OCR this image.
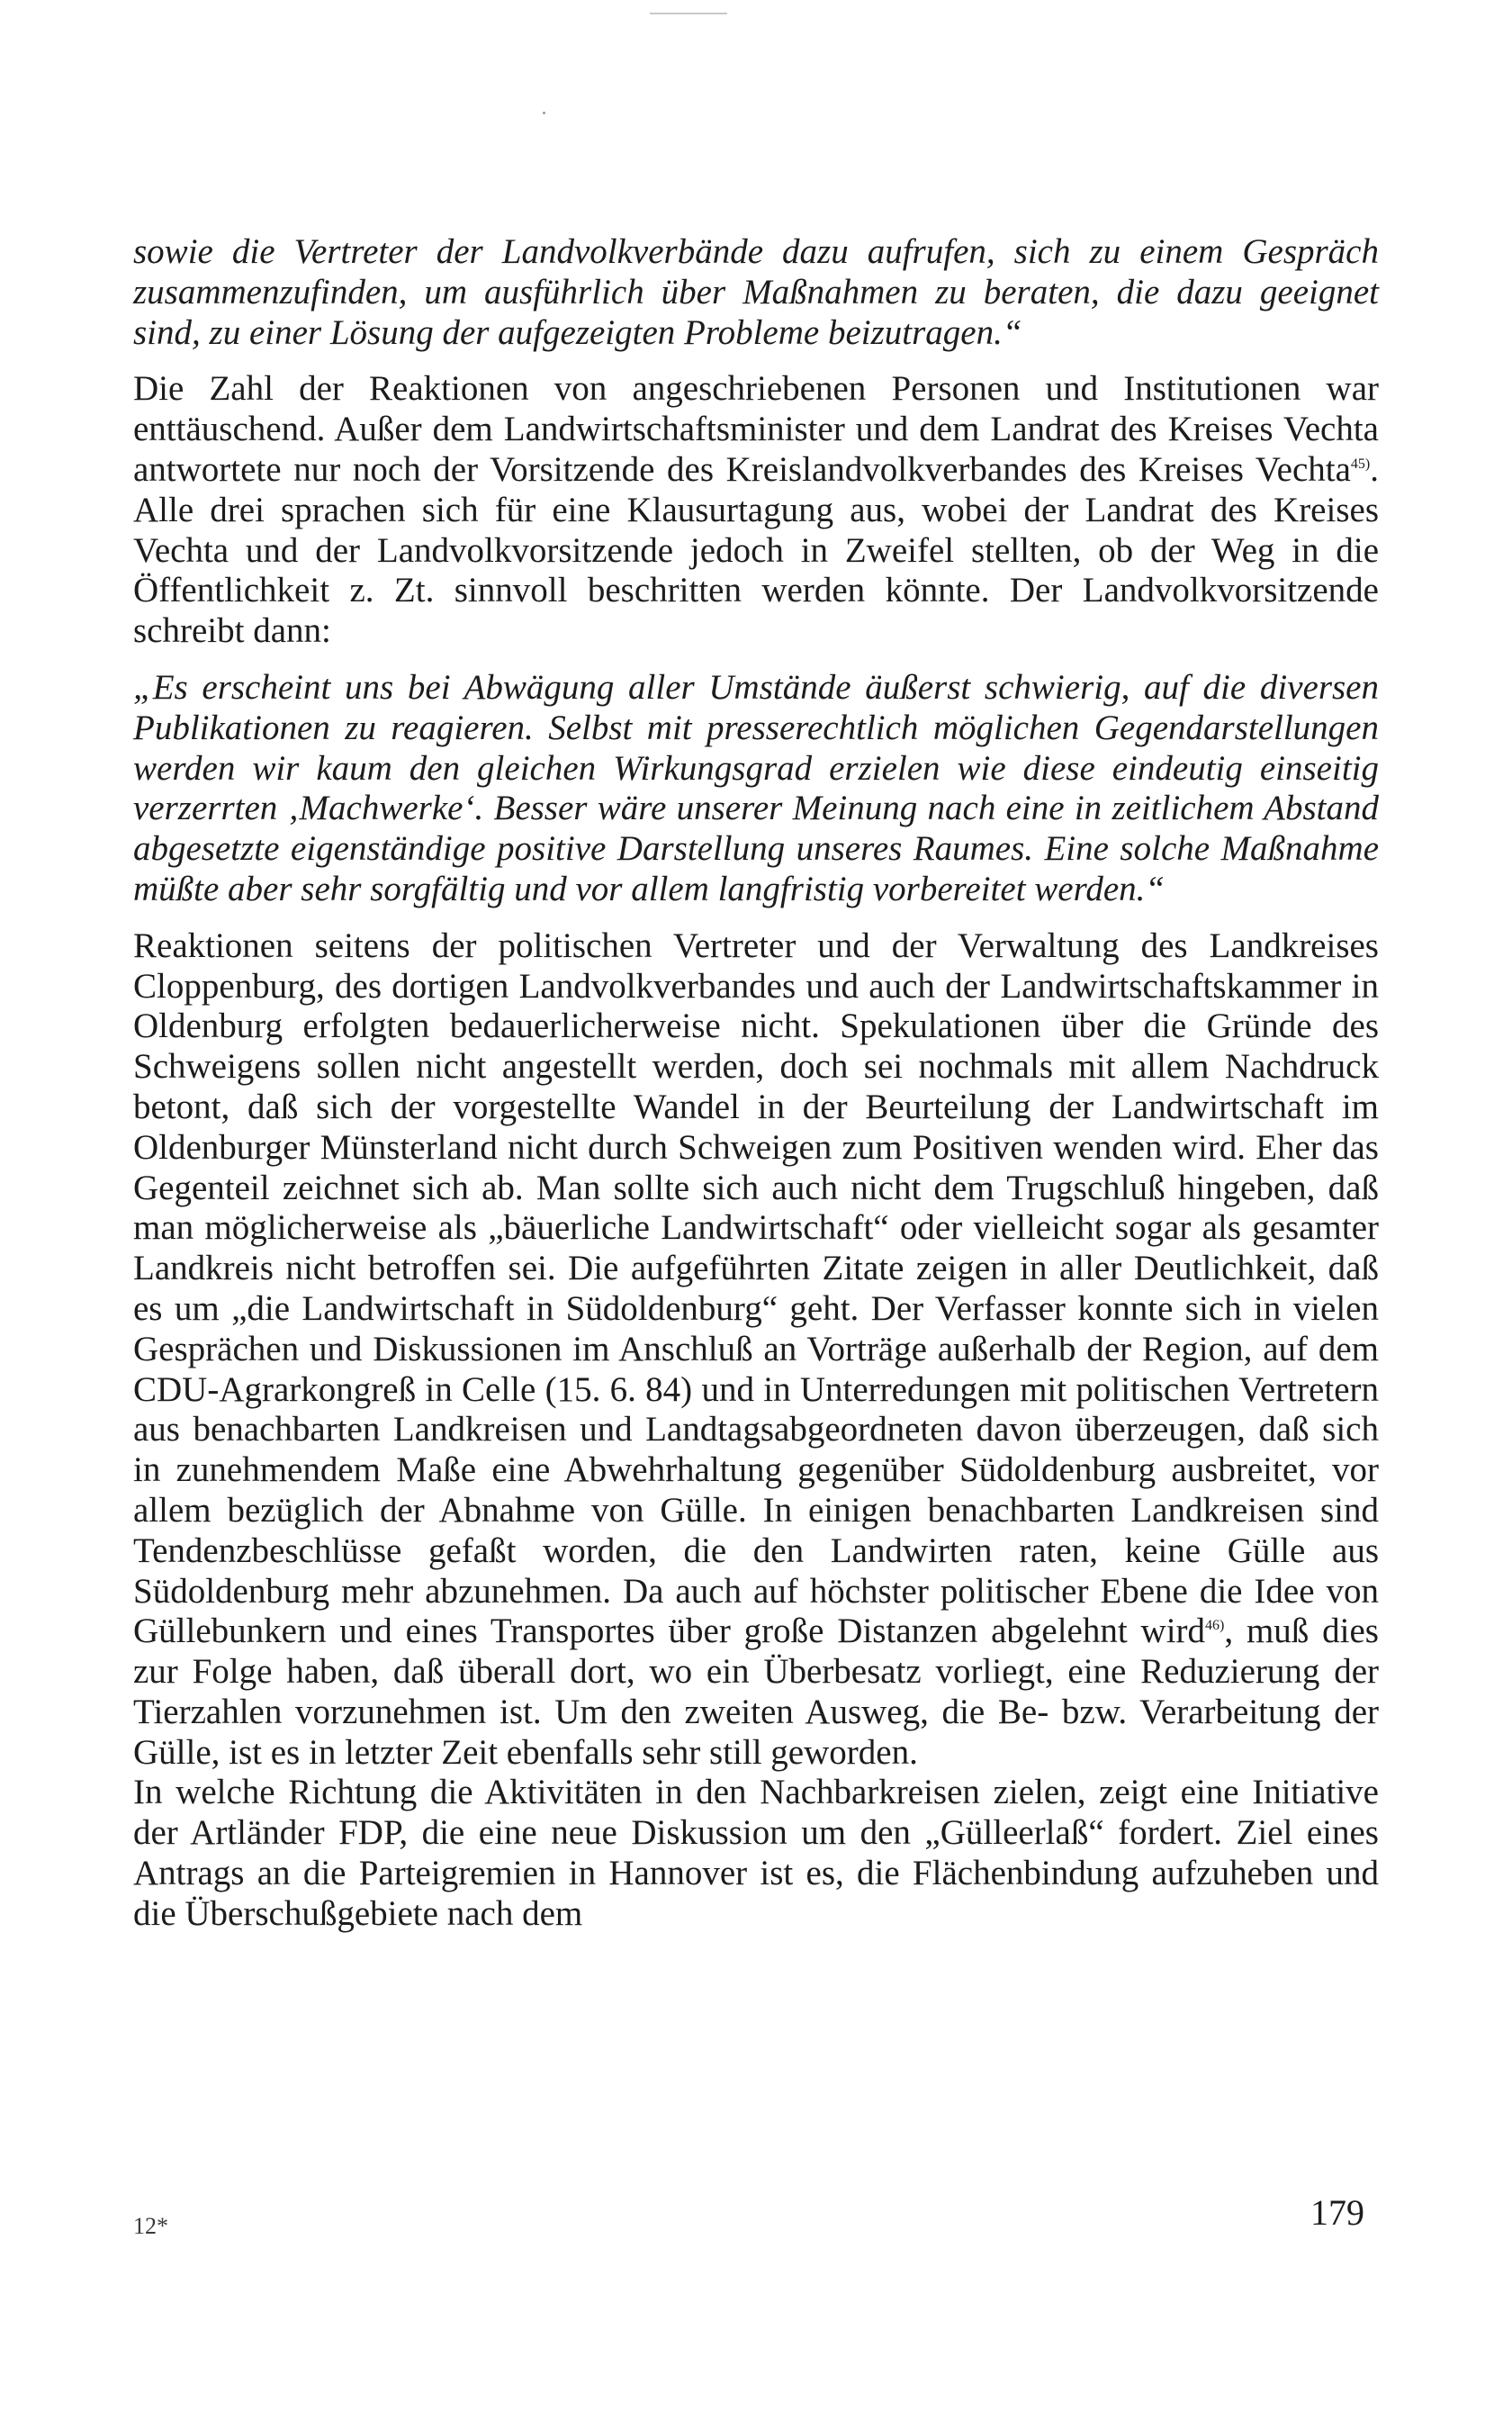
sowie die Vertreter der Landvolkverbände dazu aufrufen, sich zu einem Gespräch zusammenzufinden, um ausführlich über Maßnahmen zu beraten, die dazu geeignet sind, zu einer Lösung der aufgezeigten Probleme beizutragen.“

Die Zahl der Reaktionen von angeschriebenen Personen und Institutionen war enttäuschend. Außer dem Landwirtschaftsminister und dem Landrat des Kreises Vechta antwortete nur noch der Vorsitzende des Kreislandvolkverbandes des Kreises Vechta$^{45)}$. Alle drei sprachen sich für eine Klausurtagung aus, wobei der Landrat des Kreises Vechta und der Landvolkvorsitzende jedoch in Zweifel stellten, ob der Weg in die Öffentlichkeit z. Zt. sinnvoll beschritten werden könnte. Der Landvolkvorsitzende schreibt dann:

„Es erscheint uns bei Abwägung aller Umstände äußerst schwierig, auf die diversen Publikationen zu reagieren. Selbst mit presserechtlich möglichen Gegendarstellungen werden wir kaum den gleichen Wirkungsgrad erzielen wie diese eindeutig einseitig verzerrten ‚Machwerke‘. Besser wäre unserer Meinung nach eine in zeitlichem Abstand abgesetzte eigenständige positive Darstellung unseres Raumes. Eine solche Maßnahme müßte aber sehr sorgfältig und vor allem langfristig vorbereitet werden.“

Reaktionen seitens der politischen Vertreter und der Verwaltung des Landkreises Cloppenburg, des dortigen Landvolkverbandes und auch der Landwirtschaftskammer in Oldenburg erfolgten bedauerlicherweise nicht. Spekulationen über die Gründe des Schweigens sollen nicht angestellt werden, doch sei nochmals mit allem Nachdruck betont, daß sich der vorgestellte Wandel in der Beurteilung der Landwirtschaft im Oldenburger Münsterland nicht durch Schweigen zum Positiven wenden wird. Eher das Gegenteil zeichnet sich ab. Man sollte sich auch nicht dem Trugschluß hingeben, daß man möglicherweise als „bäuerliche Landwirtschaft“ oder vielleicht sogar als gesamter Landkreis nicht betroffen sei. Die aufgeführten Zitate zeigen in aller Deutlichkeit, daß es um „die Landwirtschaft in Südoldenburg“ geht. Der Verfasser konnte sich in vielen Gesprächen und Diskussionen im Anschluß an Vorträge außerhalb der Region, auf dem CDU-Agrarkongreß in Celle (15. 6. 84) und in Unterredungen mit politischen Vertretern aus benachbarten Landkreisen und Landtagsabgeordneten davon überzeugen, daß sich in zunehmendem Maße eine Abwehrhaltung gegenüber Südoldenburg ausbreitet, vor allem bezüglich der Abnahme von Gülle. In einigen benachbarten Landkreisen sind Tendenzbeschlüsse gefaßt worden, die den Landwirten raten, keine Gülle aus Südoldenburg mehr abzunehmen. Da auch auf höchster politischer Ebene die Idee von Güllebunkern und eines Transportes über große Distanzen abgelehnt wird$^{46)}$, muß dies zur Folge haben, daß überall dort, wo ein Überbesatz vorliegt, eine Reduzierung der Tierzahlen vorzunehmen ist. Um den zweiten Ausweg, die Be- bzw. Verarbeitung der Gülle, ist es in letzter Zeit ebenfalls sehr still geworden.

In welche Richtung die Aktivitäten in den Nachbarkreisen zielen, zeigt eine Initiative der Artländer FDP, die eine neue Diskussion um den „Gülleerlaß“ fordert. Ziel eines Antrags an die Parteigremien in Hannover ist es, die Flächenbindung aufzuheben und die Überschußgebiete nach dem

12*	179
